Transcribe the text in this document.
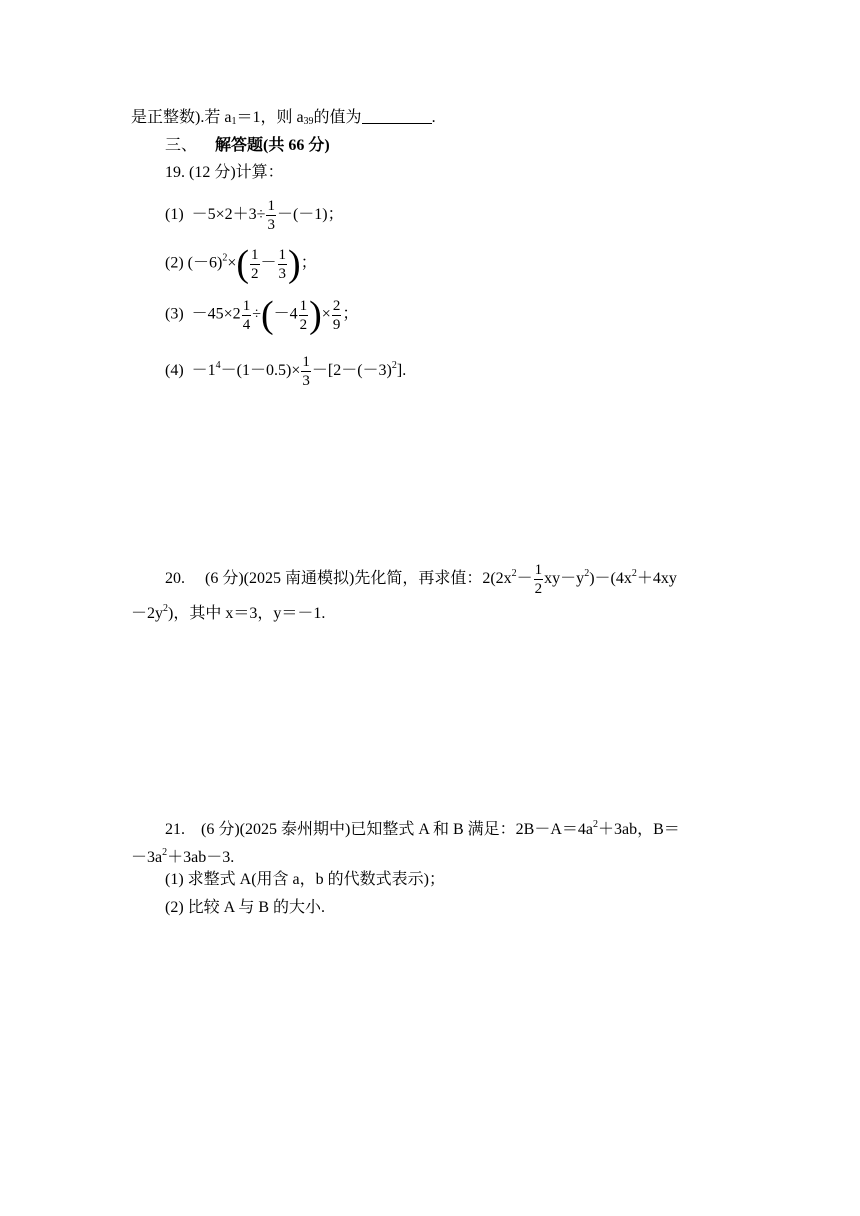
是正整数).若 $a_1=1$，则 $a_{39}$的值为	.
三、 解答题(共 66 分)
19. (12 分)计算：
$(1) -5\times 2+3\div \frac{1}{3} -(-1)$；
(2) $(-6)^2\times( \frac{1}{2} - \frac{1}{3}$ )；
$(3) -45\times 2 \frac{1}{4} \div(-4 \frac{1}{2}$ )× $\frac{2}{9}$ ；
$(4) -1^4-(1-0.5)\times \frac{1}{3} -[2-(-3)^2]$.
20. (6 分)(2025 南通模拟)先化简，再求值：$2(2x^2- \frac{1}{2} xy-y^2)-(4x^2+4xy$
$-2y^2$)，其中 x＝3，y＝－1.
21. (6 分)(2025 泰州期中)已知整式 A 和 B 满足：$2B-A=4a^2+3ab$，B＝
$-3a^2+3ab-3$.
(1) 求整式 A(用含 a，b 的代数式表示)；
(2) 比较 A 与 B 的大小.
